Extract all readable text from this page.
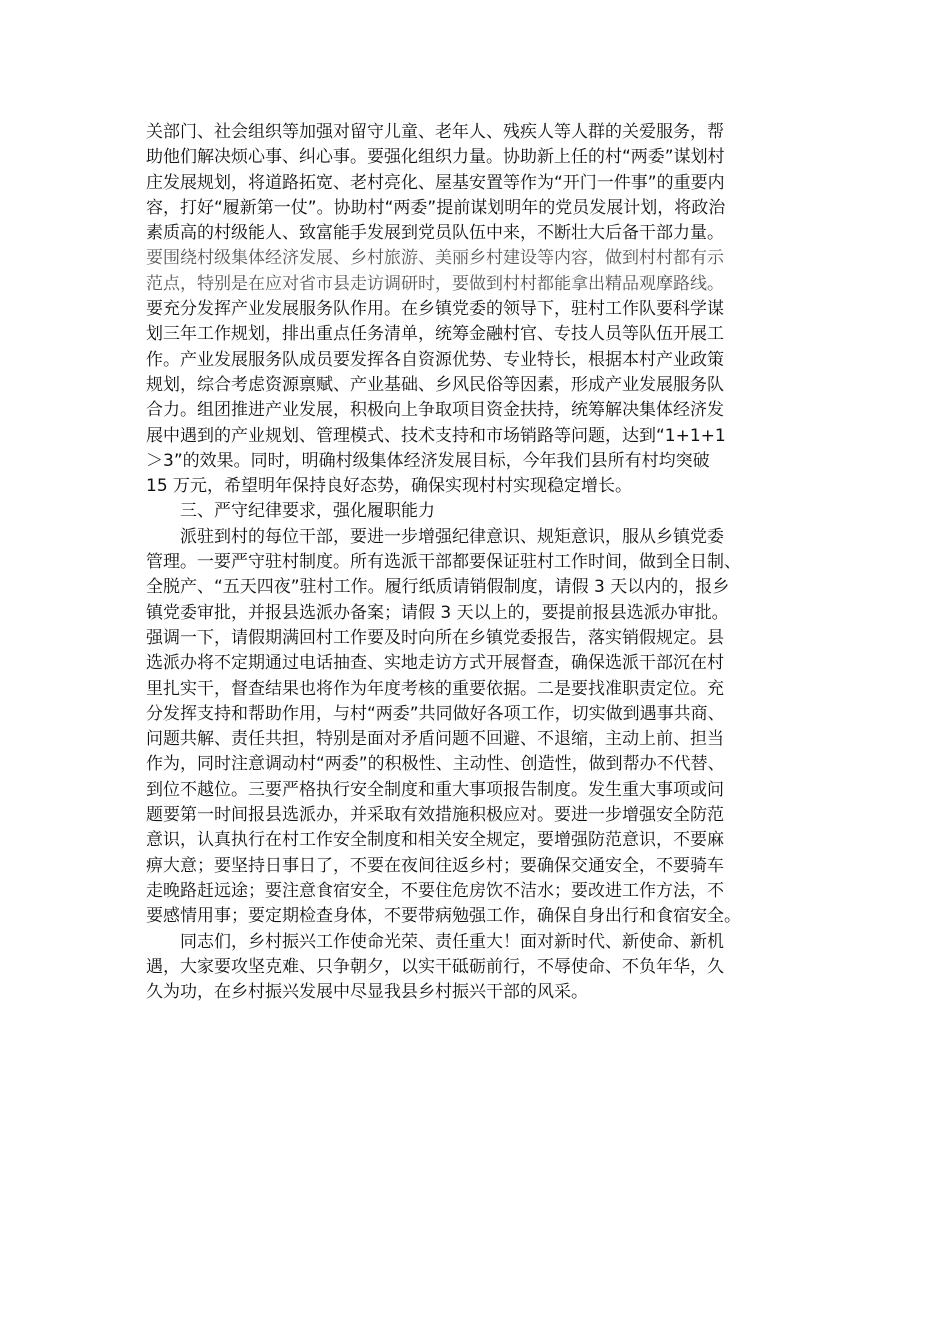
关部门、社会组织等加强对留守儿童、老年人、残疾人等人群的关爱服务，帮
助他们解决烦心事、纠心事。要强化组织力量。协助新上任的村“两委”谋划村
庄发展规划，将道路拓宽、老村亮化、屋基安置等作为“开门一件事”的重要内
容，打好“履新第一仗”。协助村“两委”提前谋划明年的党员发展计划，将政治
素质高的村级能人、致富能手发展到党员队伍中来，不断壮大后备干部力量。
要围绕村级集体经济发展、乡村旅游、美丽乡村建设等内容，做到村村都有示
范点，特别是在应对省市县走访调研时，要做到村村都能拿出精品观摩路线。
要充分发挥产业发展服务队作用。在乡镇党委的领导下，驻村工作队要科学谋
划三年工作规划，排出重点任务清单，统筹金融村官、专技人员等队伍开展工
作。产业发展服务队成员要发挥各自资源优势、专业特长，根据本村产业政策
规划，综合考虑资源禀赋、产业基础、乡风民俗等因素，形成产业发展服务队
合力。组团推进产业发展，积极向上争取项目资金扶持，统筹解决集体经济发
展中遇到的产业规划、管理模式、技术支持和市场销路等问题，达到“1+1+1
＞3”的效果。同时，明确村级集体经济发展目标，今年我们县所有村均突破
15 万元，希望明年保持良好态势，确保实现村村实现稳定增长。
三、严守纪律要求，强化履职能力
派驻到村的每位干部，要进一步增强纪律意识、规矩意识，服从乡镇党委
管理。一要严守驻村制度。所有选派干部都要保证驻村工作时间，做到全日制、
全脱产、“五天四夜”驻村工作。履行纸质请销假制度，请假 3 天以内的，报乡
镇党委审批，并报县选派办备案；请假 3 天以上的，要提前报县选派办审批。
强调一下，请假期满回村工作要及时向所在乡镇党委报告，落实销假规定。县
选派办将不定期通过电话抽查、实地走访方式开展督查，确保选派干部沉在村
里扎实干，督查结果也将作为年度考核的重要依据。二是要找准职责定位。充
分发挥支持和帮助作用，与村“两委”共同做好各项工作，切实做到遇事共商、
问题共解、责任共担，特别是面对矛盾问题不回避、不退缩，主动上前、担当
作为，同时注意调动村“两委”的积极性、主动性、创造性，做到帮办不代替、
到位不越位。三要严格执行安全制度和重大事项报告制度。发生重大事项或问
题要第一时间报县选派办，并采取有效措施积极应对。要进一步增强安全防范
意识，认真执行在村工作安全制度和相关安全规定，要增强防范意识，不要麻
痹大意；要坚持日事日了，不要在夜间往返乡村；要确保交通安全，不要骑车
走晚路赶远途；要注意食宿安全，不要住危房饮不洁水；要改进工作方法，不
要感情用事；要定期检查身体，不要带病勉强工作，确保自身出行和食宿安全。
同志们，乡村振兴工作使命光荣、责任重大！面对新时代、新使命、新机
遇，大家要攻坚克难、只争朝夕，以实干砥砺前行，不辱使命、不负年华，久
久为功，在乡村振兴发展中尽显我县乡村振兴干部的风采。
